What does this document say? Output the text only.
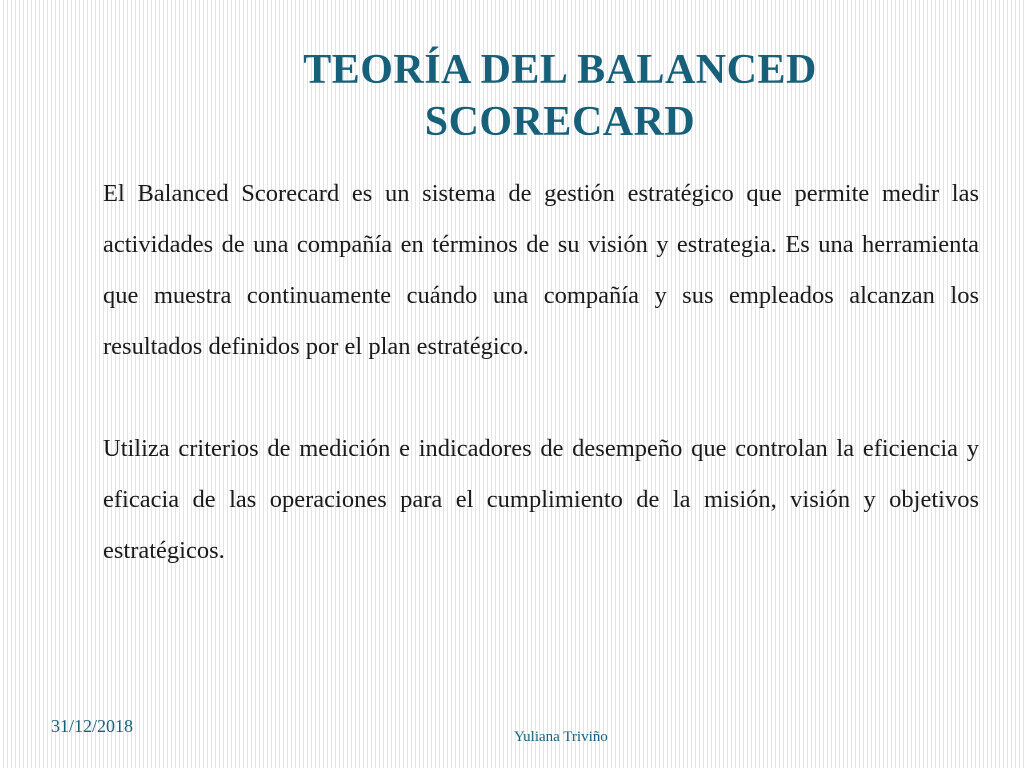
TEORÍA DEL BALANCED
SCORECARD

El Balanced Scorecard es un sistema de gestión estratégico que permite medir las actividades de una compañía en términos de su visión y estrategia. Es una herramienta que muestra continuamente cuándo una compañía y sus empleados alcanzan los resultados definidos por el plan estratégico.

Utiliza criterios de medición e indicadores de desempeño que controlan la eficiencia y eficacia de las operaciones para el cumplimiento de la misión, visión y objetivos estratégicos.

31/12/2018
Yuliana Triviño
